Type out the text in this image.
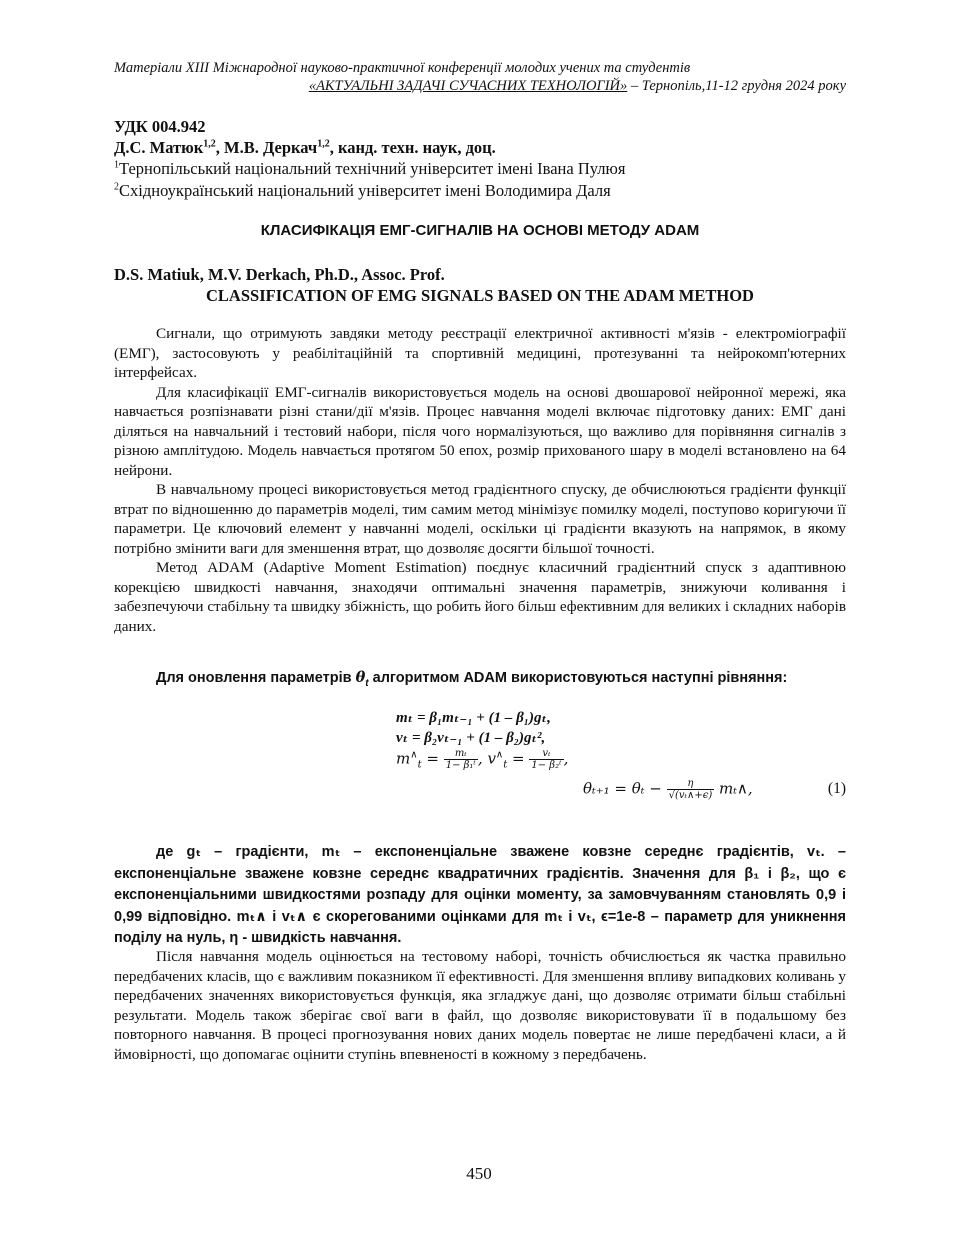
Матеріали XIII Міжнародної науково-практичної конференції молодих учених та студентів
«АКТУАЛЬНІ ЗАДАЧІ СУЧАСНИХ ТЕХНОЛОГІЙ» – Тернопіль,11-12 грудня 2024 року
УДК 004.942
Д.С. Матюк$^{1,2}$, М.В. Деркач$^{1,2}$, канд. техн. наук, доц.
$^1$Тернопільський національний технічний університет імені Івана Пулюя
$^2$Східноукраїнський національний університет імені Володимира Даля
КЛАСИФІКАЦІЯ ЕМГ-СИГНАЛІВ НА ОСНОВІ МЕТОДУ ADAM
D.S. Matiuk, M.V. Derkach, Ph.D., Assoc. Prof.
CLASSIFICATION OF EMG SIGNALS BASED ON THE ADAM METHOD

Сигнали, що отримують завдяки методу реєстрації електричної активності м'язів - електроміографії (ЕМГ), застосовують у реабілітаційній та спортивній медицині, протезуванні та нейрокомп'ютерних інтерфейсах.

Для класифікації ЕМГ-сигналів використовується модель на основі двошарової нейронної мережі, яка навчається розпізнавати різні стани/дії м'язів. Процес навчання моделі включає підготовку даних: ЕМГ дані діляться на навчальний і тестовий набори, після чого нормалізуються, що важливо для порівняння сигналів з різною амплітудою. Модель навчається протягом 50 епох, розмір прихованого шару в моделі встановлено на 64 нейрони.

В навчальному процесі використовується метод градієнтного спуску, де обчислюються градієнти функції втрат по відношенню до параметрів моделі, тим самим метод мінімізує помилку моделі, поступово коригуючи її параметри. Це ключовий елемент у навчанні моделі, оскільки ці градієнти вказують на напрямок, в якому потрібно змінити ваги для зменшення втрат, що дозволяє досягти більшої точності.

Метод ADAM (Adaptive Moment Estimation) поєднує класичний градієнтний спуск з адаптивною корекцією швидкості навчання, знаходячи оптимальні значення параметрів, знижуючи коливання і забезпечуючи стабільну та швидку збіжність, що робить його більш ефективним для великих і складних наборів даних.

Для оновлення параметрів $\theta_t$ алгоритмом ADAM використовуються наступні рівняння:

mₜ = β₁mₜ₋₁ + (1 – β₁)gₜ,
vₜ = β₂vₜ₋₁ + (1 – β₂)gₜ²,
$m^\wedge_t = \frac{\text{mₜ}}{\text{1− β₁ᵗ}}$ , $v^\wedge_t = \frac{\text{vₜ}}{\text{1− β₂ᵗ}}$ ,
$\theta_{t+1} = \theta_t - \frac{\eta}{\text{√(vₜ∧+ϵ)}}$ mₜ∧,	(1)

де gₜ – градієнти, mₜ – експоненціальне зважене ковзне середнє градієнтів, vₜ. – експоненціальне зважене ковзне середнє квадратичних градієнтів. Значення для β₁ і β₂, що є експоненціальними швидкостями розпаду для оцінки моменту, за замовчуванням становлять 0,9 і 0,99 відповідно. mₜ∧ і vₜ∧ є скорегованими оцінками для mₜ і vₜ, ϵ=1e-8 – параметр для уникнення поділу на нуль, η - швидкість навчання.

Після навчання модель оцінюється на тестовому наборі, точність обчислюється як частка правильно передбачених класів, що є важливим показником її ефективності. Для зменшення впливу випадкових коливань у передбачених значеннях використовується функція, яка згладжує дані, що дозволяє отримати більш стабільні результати. Модель також зберігає свої ваги в файл, що дозволяє використовувати її в подальшому без повторного навчання. В процесі прогнозування нових даних модель повертає не лише передбачені класи, а й ймовірності, що допомагає оцінити ступінь впевненості в кожному з передбачень.

450
